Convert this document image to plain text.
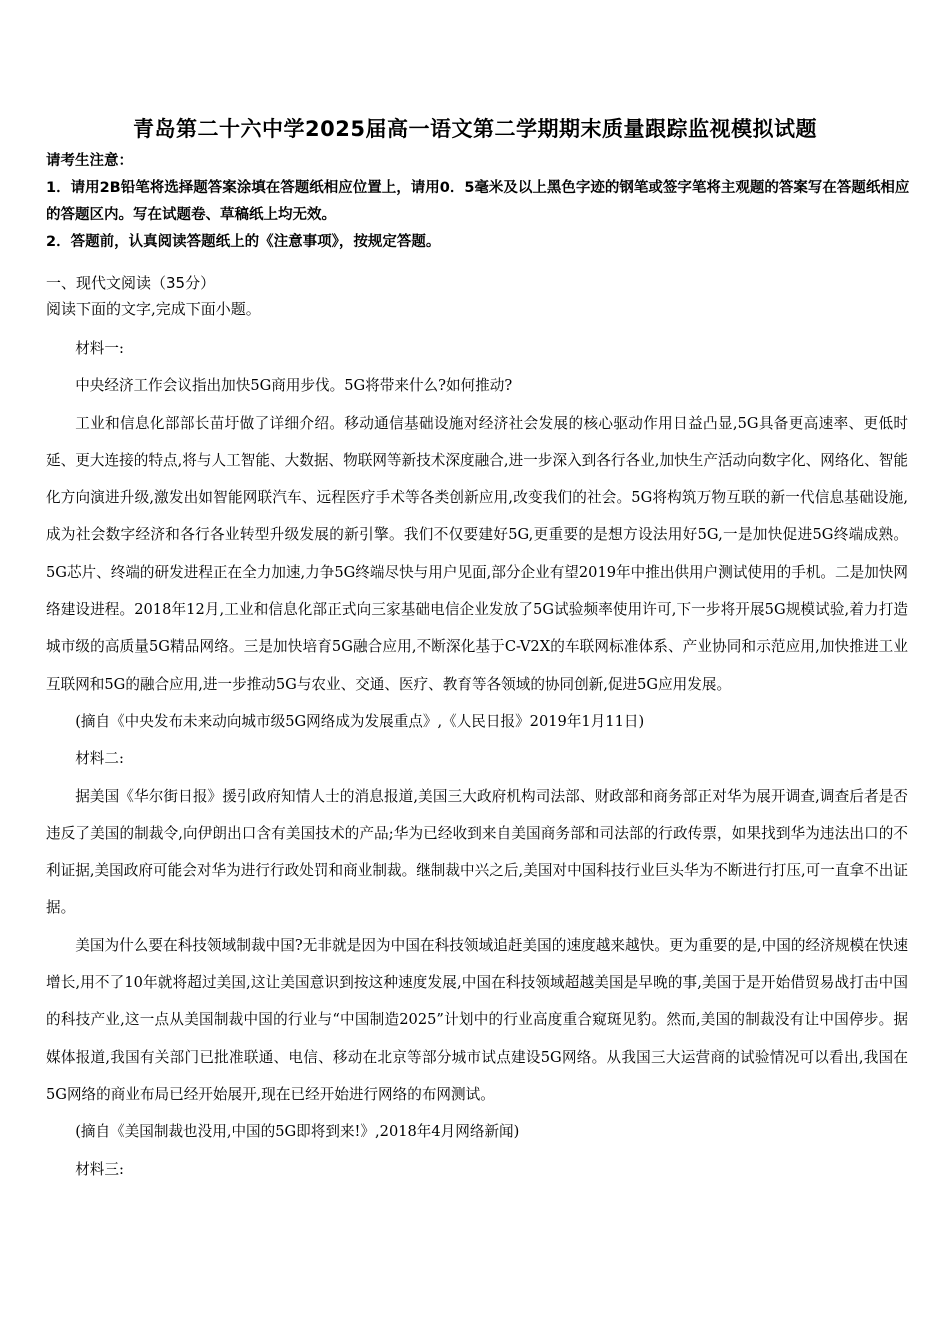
青岛第二十六中学2025届高一语文第二学期期末质量跟踪监视模拟试题

请考生注意：

1．请用2B铅笔将选择题答案涂填在答题纸相应位置上，请用0．5毫米及以上黑色字迹的钢笔或签字笔将主观题的答案写在答题纸相应的答题区内。写在试题卷、草稿纸上均无效。

2．答题前，认真阅读答题纸上的《注意事项》，按规定答题。

一、现代文阅读（35分）
阅读下面的文字,完成下面小题。

材料一:

中央经济工作会议指出加快5G商用步伐。5G将带来什么?如何推动?

工业和信息化部部长苗圩做了详细介绍。移动通信基础设施对经济社会发展的核心驱动作用日益凸显,5G具备更高速率、更低时延、更大连接的特点,将与人工智能、大数据、物联网等新技术深度融合,进一步深入到各行各业,加快生产活动向数字化、网络化、智能化方向演进升级,激发出如智能网联汽车、远程医疗手术等各类创新应用,改变我们的社会。5G将构筑万物互联的新一代信息基础设施,成为社会数字经济和各行各业转型升级发展的新引擎。我们不仅要建好5G,更重要的是想方设法用好5G,一是加快促进5G终端成熟。5G芯片、终端的研发进程正在全力加速,力争5G终端尽快与用户见面,部分企业有望2019年中推出供用户测试使用的手机。二是加快网络建设进程。2018年12月,工业和信息化部正式向三家基础电信企业发放了5G试验频率使用许可,下一步将开展5G规模试验,着力打造城市级的高质量5G精品网络。三是加快培育5G融合应用,不断深化基于C-V2X的车联网标准体系、产业协同和示范应用,加快推进工业互联网和5G的融合应用,进一步推动5G与农业、交通、医疗、教育等各领域的协同创新,促进5G应用发展。

(摘自《中央发布未来动向城市级5G网络成为发展重点》,《人民日报》2019年1月11日)

材料二:

据美国《华尔街日报》援引政府知情人士的消息报道,美国三大政府机构司法部、财政部和商务部正对华为展开调查,调查后者是否违反了美国的制裁令,向伊朗出口含有美国技术的产品;华为已经收到来自美国商务部和司法部的行政传票，如果找到华为违法出口的不利证据,美国政府可能会对华为进行行政处罚和商业制裁。继制裁中兴之后,美国对中国科技行业巨头华为不断进行打压,可一直拿不出证据。

美国为什么要在科技领域制裁中国?无非就是因为中国在科技领域追赶美国的速度越来越快。更为重要的是,中国的经济规模在快速增长,用不了10年就将超过美国,这让美国意识到按这种速度发展,中国在科技领域超越美国是早晚的事,美国于是开始借贸易战打击中国的科技产业,这一点从美国制裁中国的行业与“中国制造2025”计划中的行业高度重合窥斑见豹。然而,美国的制裁没有让中国停步。据媒体报道,我国有关部门已批准联通、电信、移动在北京等部分城市试点建设5G网络。从我国三大运营商的试验情况可以看出,我国在5G网络的商业布局已经开始展开,现在已经开始进行网络的布网测试。

(摘自《美国制裁也没用,中国的5G即将到来!》,2018年4月网络新闻)

材料三:
